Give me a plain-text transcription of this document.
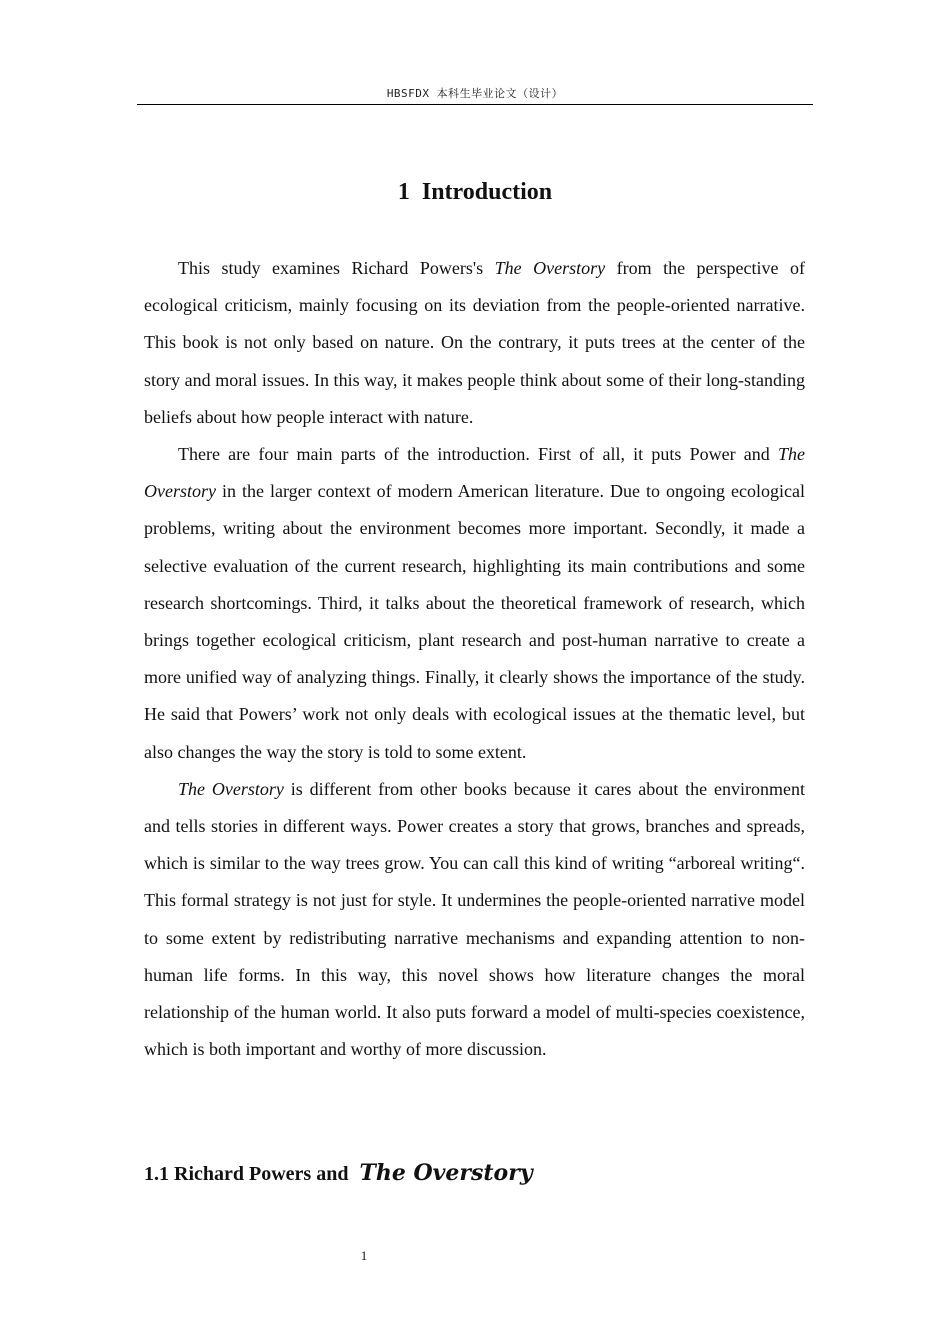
HBSFDX 本科生毕业论文（设计）
1 Introduction

This study examines Richard Powers's The Overstory from the perspective of ecological criticism, mainly focusing on its deviation from the people-oriented narrative. This book is not only based on nature. On the contrary, it puts trees at the center of the story and moral issues. In this way, it makes people think about some of their long-standing beliefs about how people interact with nature.

There are four main parts of the introduction. First of all, it puts Power and The Overstory in the larger context of modern American literature. Due to ongoing ecological problems, writing about the environment becomes more important. Secondly, it made a selective evaluation of the current research, highlighting its main contributions and some research shortcomings. Third, it talks about the theoretical framework of research, which brings together ecological criticism, plant research and post-human narrative to create a more unified way of analyzing things. Finally, it clearly shows the importance of the study. He said that Powers’ work not only deals with ecological issues at the thematic level, but also changes the way the story is told to some extent.

The Overstory is different from other books because it cares about the environment and tells stories in different ways. Power creates a story that grows, branches and spreads, which is similar to the way trees grow. You can call this kind of writing “arboreal writing“. This formal strategy is not just for style. It undermines the people-oriented narrative model to some extent by redistributing narrative mechanisms and expanding attention to non-human life forms. In this way, this novel shows how literature changes the moral relationship of the human world. It also puts forward a model of multi-species coexistence, which is both important and worthy of more discussion.

1.1 Richard Powers and The Overstory
1
